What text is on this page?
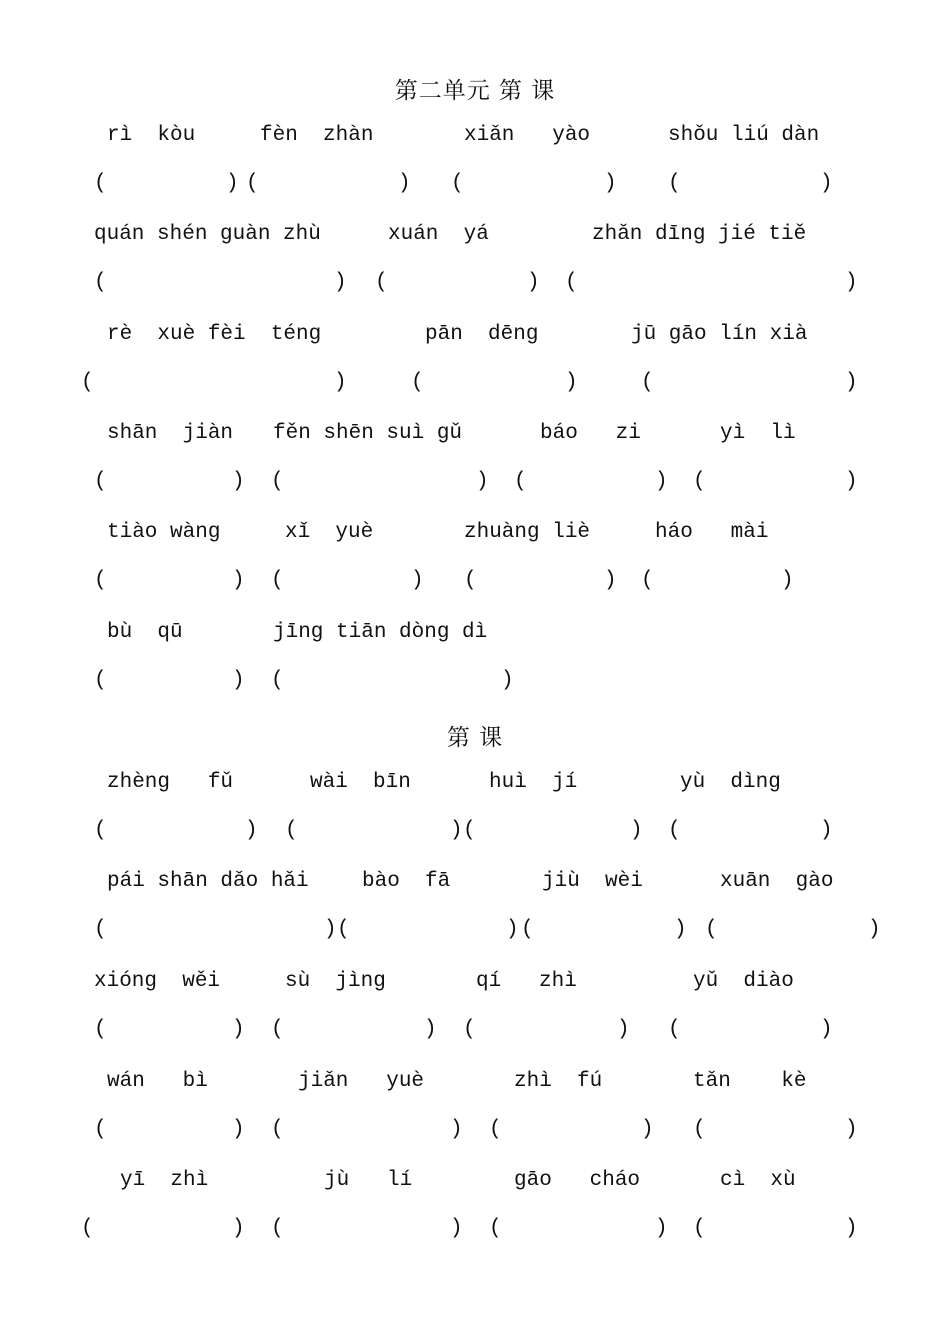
第二单元 第 课
第 课
rì  kòu	fèn  zhàn	xiǎn   yào	shǒu liú dàn
(	) (	) (	) (	)
quán shén guàn zhù	xuán  yá	zhǎn dīng jié tiě
(	) (	) (	)
rè  xuè fèi  téng	pān  dēng	jū gāo lín xià
(	)	(	)	(	)
shān  jiàn fěn shēn suì gǔ	báo   zi	yì  lì
(	) (	) (	) (	)
tiào wàng	xǐ  yuè	zhuàng liè	háo   mài
(	) (	) (	) (	)
bù  qū	jīng tiān dòng dì
(	) (	)
zhèng   fǔ	wài  bīn	huì  jí	yù  dìng
(	) (	) (	) (	)
pái shān dǎo hǎi	bào  fā	jiù  wèi	xuān  gào
(	) (	) (	) (	)
xióng  wěi	sù  jìng	qí   zhì	yǔ  diào
(	) (	) (	) (	)
wán   bì	jiǎn   yuè	zhì  fú	tǎn    kè
(	) (	) (	) (	)
yī  zhì	jù   lí	gāo   cháo	cì  xù
(	) (	) (	) (	)
